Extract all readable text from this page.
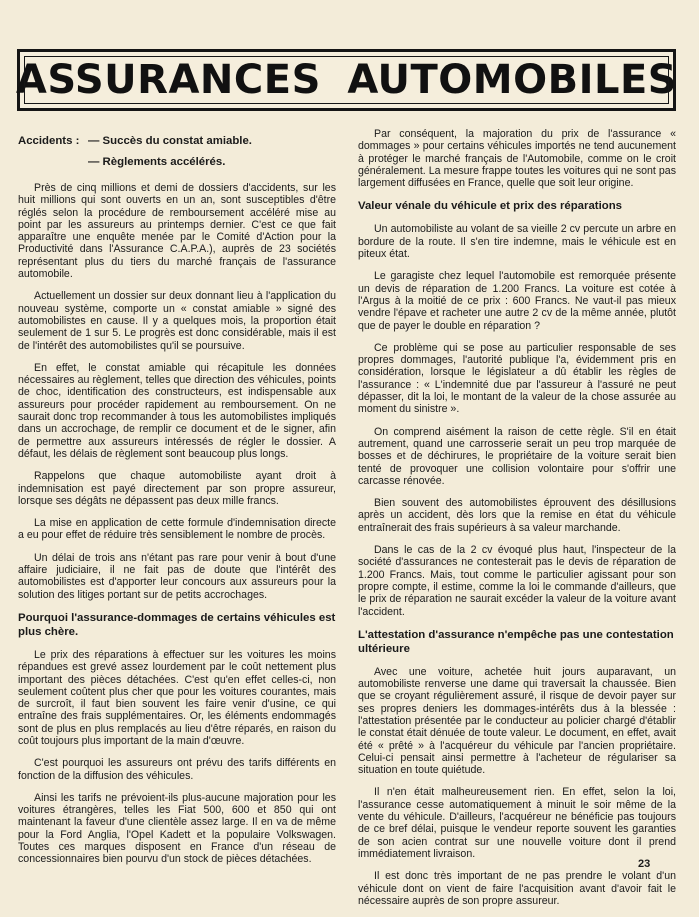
ASSURANCES AUTOMOBILES
Accidents : — Succès du constat amiable.
— Règlements accélérés.

Près de cinq millions et demi de dossiers d'accidents, sur les huit millions qui sont ouverts en un an, sont susceptibles d'être réglés selon la procédure de remboursement accéléré mise au point par les assureurs au printemps dernier. C'est ce que fait apparaître une enquête menée par le Comité d'Action pour la Productivité dans l'Assurance C.A.P.A.), auprès de 23 sociétés représentant plus du tiers du marché français de l'assurance automobile.

Actuellement un dossier sur deux donnant lieu à l'application du nouveau système, comporte un « constat amiable » signé des automobilistes en cause. Il y a quelques mois, la proportion était seulement de 1 sur 5. Le progrès est donc considérable, mais il est de l'intérêt des automobilistes qu'il se poursuive.

En effet, le constat amiable qui récapitule les données nécessaires au règlement, telles que direction des véhicules, points de choc, identification des constructeurs, est indispensable aux assureurs pour procéder rapidement au remboursement. On ne saurait donc trop recommander à tous les automobilistes impliqués dans un accrochage, de remplir ce document et de le signer, afin de permettre aux assureurs intéressés de régler le dossier. A défaut, les délais de règlement sont beaucoup plus longs.

Rappelons que chaque automobiliste ayant droit à indemnisation est payé directement par son propre assureur, lorsque ses dégâts ne dépassent pas deux mille francs.

La mise en application de cette formule d'indemnisation directe a eu pour effet de réduire très sensiblement le nombre de procès.

Un délai de trois ans n'étant pas rare pour venir à bout d'une affaire judiciaire, il ne fait pas de doute que l'intérêt des automobilistes est d'apporter leur concours aux assureurs pour la solution des litiges portant sur de petits accrochages.

Pourquoi l'assurance-dommages de certains véhicules est plus chère.

Le prix des réparations à effectuer sur les voitures les moins répandues est grevé assez lourdement par le coût nettement plus important des pièces détachées. C'est qu'en effet celles-ci, non seulement coûtent plus cher que pour les voitures courantes, mais de surcroît, il faut bien souvent les faire venir d'usine, ce qui entraîne des frais supplémentaires. Or, les éléments endommagés sont de plus en plus remplacés au lieu d'être réparés, en raison du coût toujours plus important de la main d'œuvre.

C'est pourquoi les assureurs ont prévu des tarifs différents en fonction de la diffusion des véhicules.

Ainsi les tarifs ne prévoient-ils plus-aucune majoration pour les voitures étrangères, telles les Fiat 500, 600 et 850 qui ont maintenant la faveur d'une clientèle assez large. Il en va de même pour la Ford Anglia, l'Opel Kadett et la populaire Volkswagen. Toutes ces marques disposent en France d'un réseau de concessionnaires bien pourvu d'un stock de pièces détachées.

Par conséquent, la majoration du prix de l'assurance « dommages » pour certains véhicules importés ne tend aucunement à protéger le marché français de l'Automobile, comme on le croit généralement. La mesure frappe toutes les voitures qui ne sont pas largement diffusées en France, quelle que soit leur origine.

Valeur vénale du véhicule et prix des réparations

Un automobiliste au volant de sa vieille 2 cv percute un arbre en bordure de la route. Il s'en tire indemne, mais le véhicule est en piteux état.

Le garagiste chez lequel l'automobile est remorquée présente un devis de réparation de 1.200 Francs. La voiture est cotée à l'Argus à la moitié de ce prix : 600 Francs. Ne vaut-il pas mieux vendre l'épave et racheter une autre 2 cv de la même année, plutôt que de payer le double en réparation ?

Ce problème qui se pose au particulier responsable de ses propres dommages, l'autorité publique l'a, évidemment pris en considération, lorsque le législateur a dû établir les règles de l'assurance : « L'indemnité due par l'assureur à l'assuré ne peut dépasser, dit la loi, le montant de la valeur de la chose assurée au moment du sinistre ».

On comprend aisément la raison de cette règle. S'il en était autrement, quand une carrosserie serait un peu trop marquée de bosses et de déchirures, le propriétaire de la voiture serait bien tenté de provoquer une collision volontaire pour s'offrir une carcasse rénovée.

Bien souvent des automobilistes éprouvent des désillusions après un accident, dès lors que la remise en état du véhicule entraînerait des frais supérieurs à sa valeur marchande.

Dans le cas de la 2 cv évoqué plus haut, l'inspecteur de la société d'assurances ne contesterait pas le devis de réparation de 1.200 Francs. Mais, tout comme le particulier agissant pour son propre compte, il estime, comme la loi le commande d'ailleurs, que le prix de réparation ne saurait excéder la valeur de la voiture avant l'accident.

L'attestation d'assurance n'empêche pas une contestation ultérieure

Avec une voiture, achetée huit jours auparavant, un automobiliste renverse une dame qui traversait la chaussée. Bien que se croyant régulièrement assuré, il risque de devoir payer sur ses propres deniers les dommages-intérêts dus à la blessée : l'attestation présentée par le conducteur au policier chargé d'établir le constat était dénuée de toute valeur. Le document, en effet, avait été « prêté » à l'acquéreur du véhicule par l'ancien propriétaire. Celui-ci pensait ainsi permettre à l'acheteur de régulariser sa situation en toute quiétude.

Il n'en était malheureusement rien. En effet, selon la loi, l'assurance cesse automatiquement à minuit le soir même de la vente du véhicule. D'ailleurs, l'acquéreur ne bénéficie pas toujours de ce bref délai, puisque le vendeur reporte souvent les garanties de son acien contrat sur une nouvelle voiture dont il prend immédiatement livraison.

Il est donc très important de ne pas prendre le volant d'un véhicule dont on vient de faire l'acquisition avant d'avoir fait le nécessaire auprès de son propre assureur.

23
